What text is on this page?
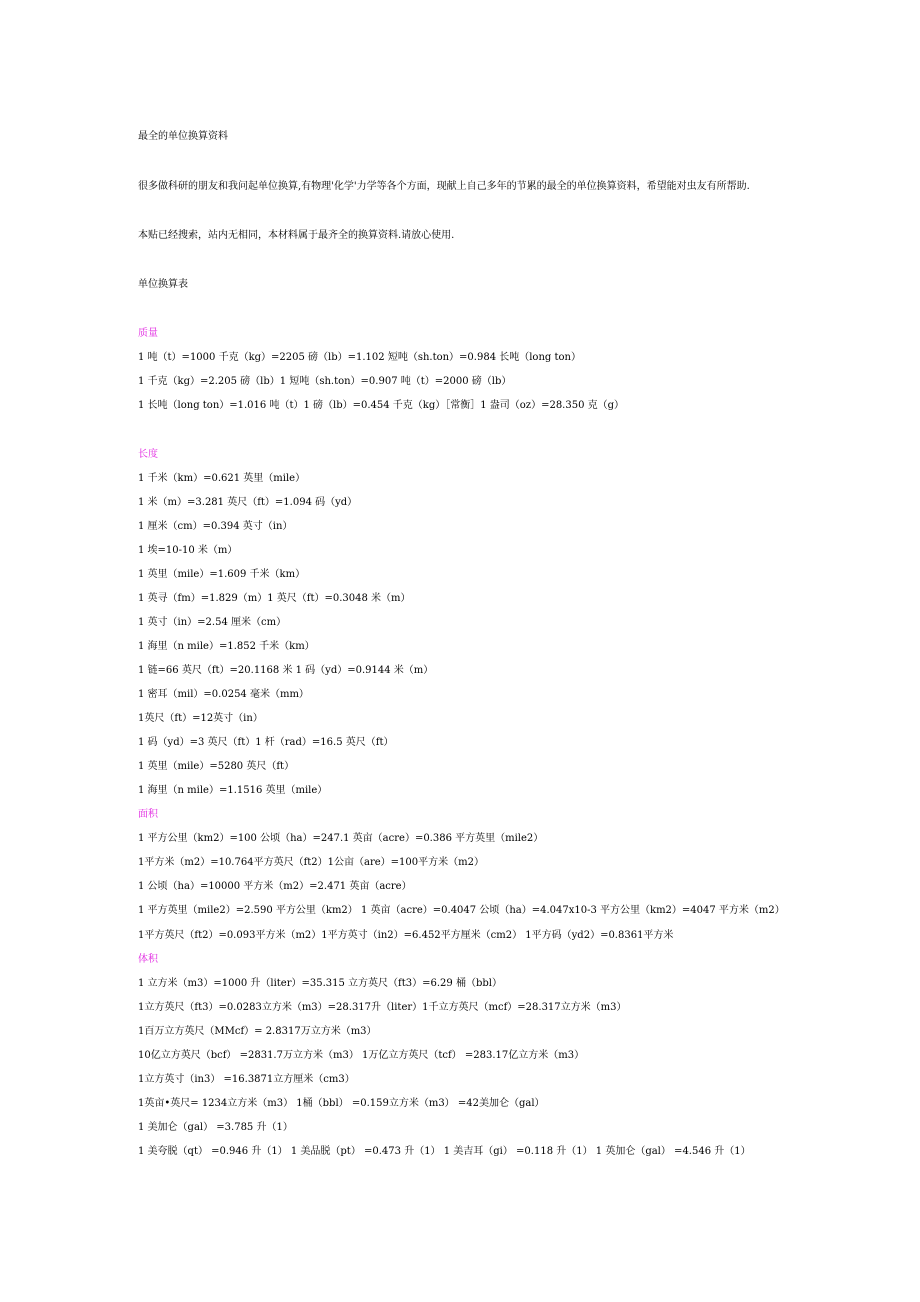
最全的单位换算资料
很多做科研的朋友和我问起单位换算,有物理'化学'力学等各个方面，现献上自己多年的节累的最全的单位换算资料，希望能对虫友有所帮助.
本贴已经搜索，站内无相同，本材料属于最齐全的换算资料.请放心使用.
单位换算表
质量
1 吨（t）=1000 千克（kg）=2205 磅（lb）=1.102 短吨（sh.ton）=0.984 长吨（long ton）
1 千克（kg）=2.205 磅（lb）1 短吨（sh.ton）=0.907 吨（t）=2000 磅（lb）
1 长吨（long ton）=1.016 吨（t）1 磅（lb）=0.454 千克（kg）［常衡］1 盎司（oz）=28.350 克（g）
长度
1 千米（km）=0.621 英里（mile）
1 米（m）=3.281 英尺（ft）=1.094 码（yd）
1 厘米（cm）=0.394 英寸（in）
1 埃=10-10 米（m）
1 英里（mile）=1.609 千米（km）
1 英寻（fm）=1.829（m）1 英尺（ft）=0.3048 米（m）
1 英寸（in）=2.54 厘米（cm）
1 海里（n mile）=1.852 千米（km）
1 链=66 英尺（ft）=20.1168 米 1 码（yd）=0.9144 米（m）
1 密耳（mil）=0.0254 毫米（mm）
1英尺（ft）=12英寸（in）
1 码（yd）=3 英尺（ft）1 杆（rad）=16.5 英尺（ft）
1 英里（mile）=5280 英尺（ft）
1 海里（n mile）=1.1516 英里（mile）
面积
1 平方公里（km2）=100 公顷（ha）=247.1 英亩（acre）=0.386 平方英里（mile2）
1平方米（m2）=10.764平方英尺（ft2）1公亩（are）=100平方米（m2）
1 公顷（ha）=10000 平方米（m2）=2.471 英亩（acre）
1 平方英里（mile2）=2.590 平方公里（km2） 1 英亩（acre）=0.4047 公顷（ha）=4.047x10-3 平方公里（km2）=4047 平方米（m2）
1平方英尺（ft2）=0.093平方米（m2）1平方英寸（in2）=6.452平方厘米（cm2） 1平方码（yd2）=0.8361平方米
体积
1 立方米（m3）=1000 升（liter）=35.315 立方英尺（ft3）=6.29 桶（bbl）
1立方英尺（ft3）=0.0283立方米（m3）=28.317升（liter）1千立方英尺（mcf）=28.317立方米（m3）
1百万立方英尺（MMcf）= 2.8317万立方米（m3）
10亿立方英尺（bcf） =2831.7万立方米（m3） 1万亿立方英尺（tcf） =283.17亿立方米（m3）
1立方英寸（in3） =16.3871立方厘米（cm3）
1英亩•英尺= 1234立方米（m3） 1桶（bbl） =0.159立方米（m3） =42美加仑（gal）
1 美加仑（gal） =3.785 升（1）
1 美夸脱（qt） =0.946 升（1） 1 美品脱（pt） =0.473 升（1） 1 美吉耳（gi） =0.118 升（1） 1 英加仑（gal） =4.546 升（1）
